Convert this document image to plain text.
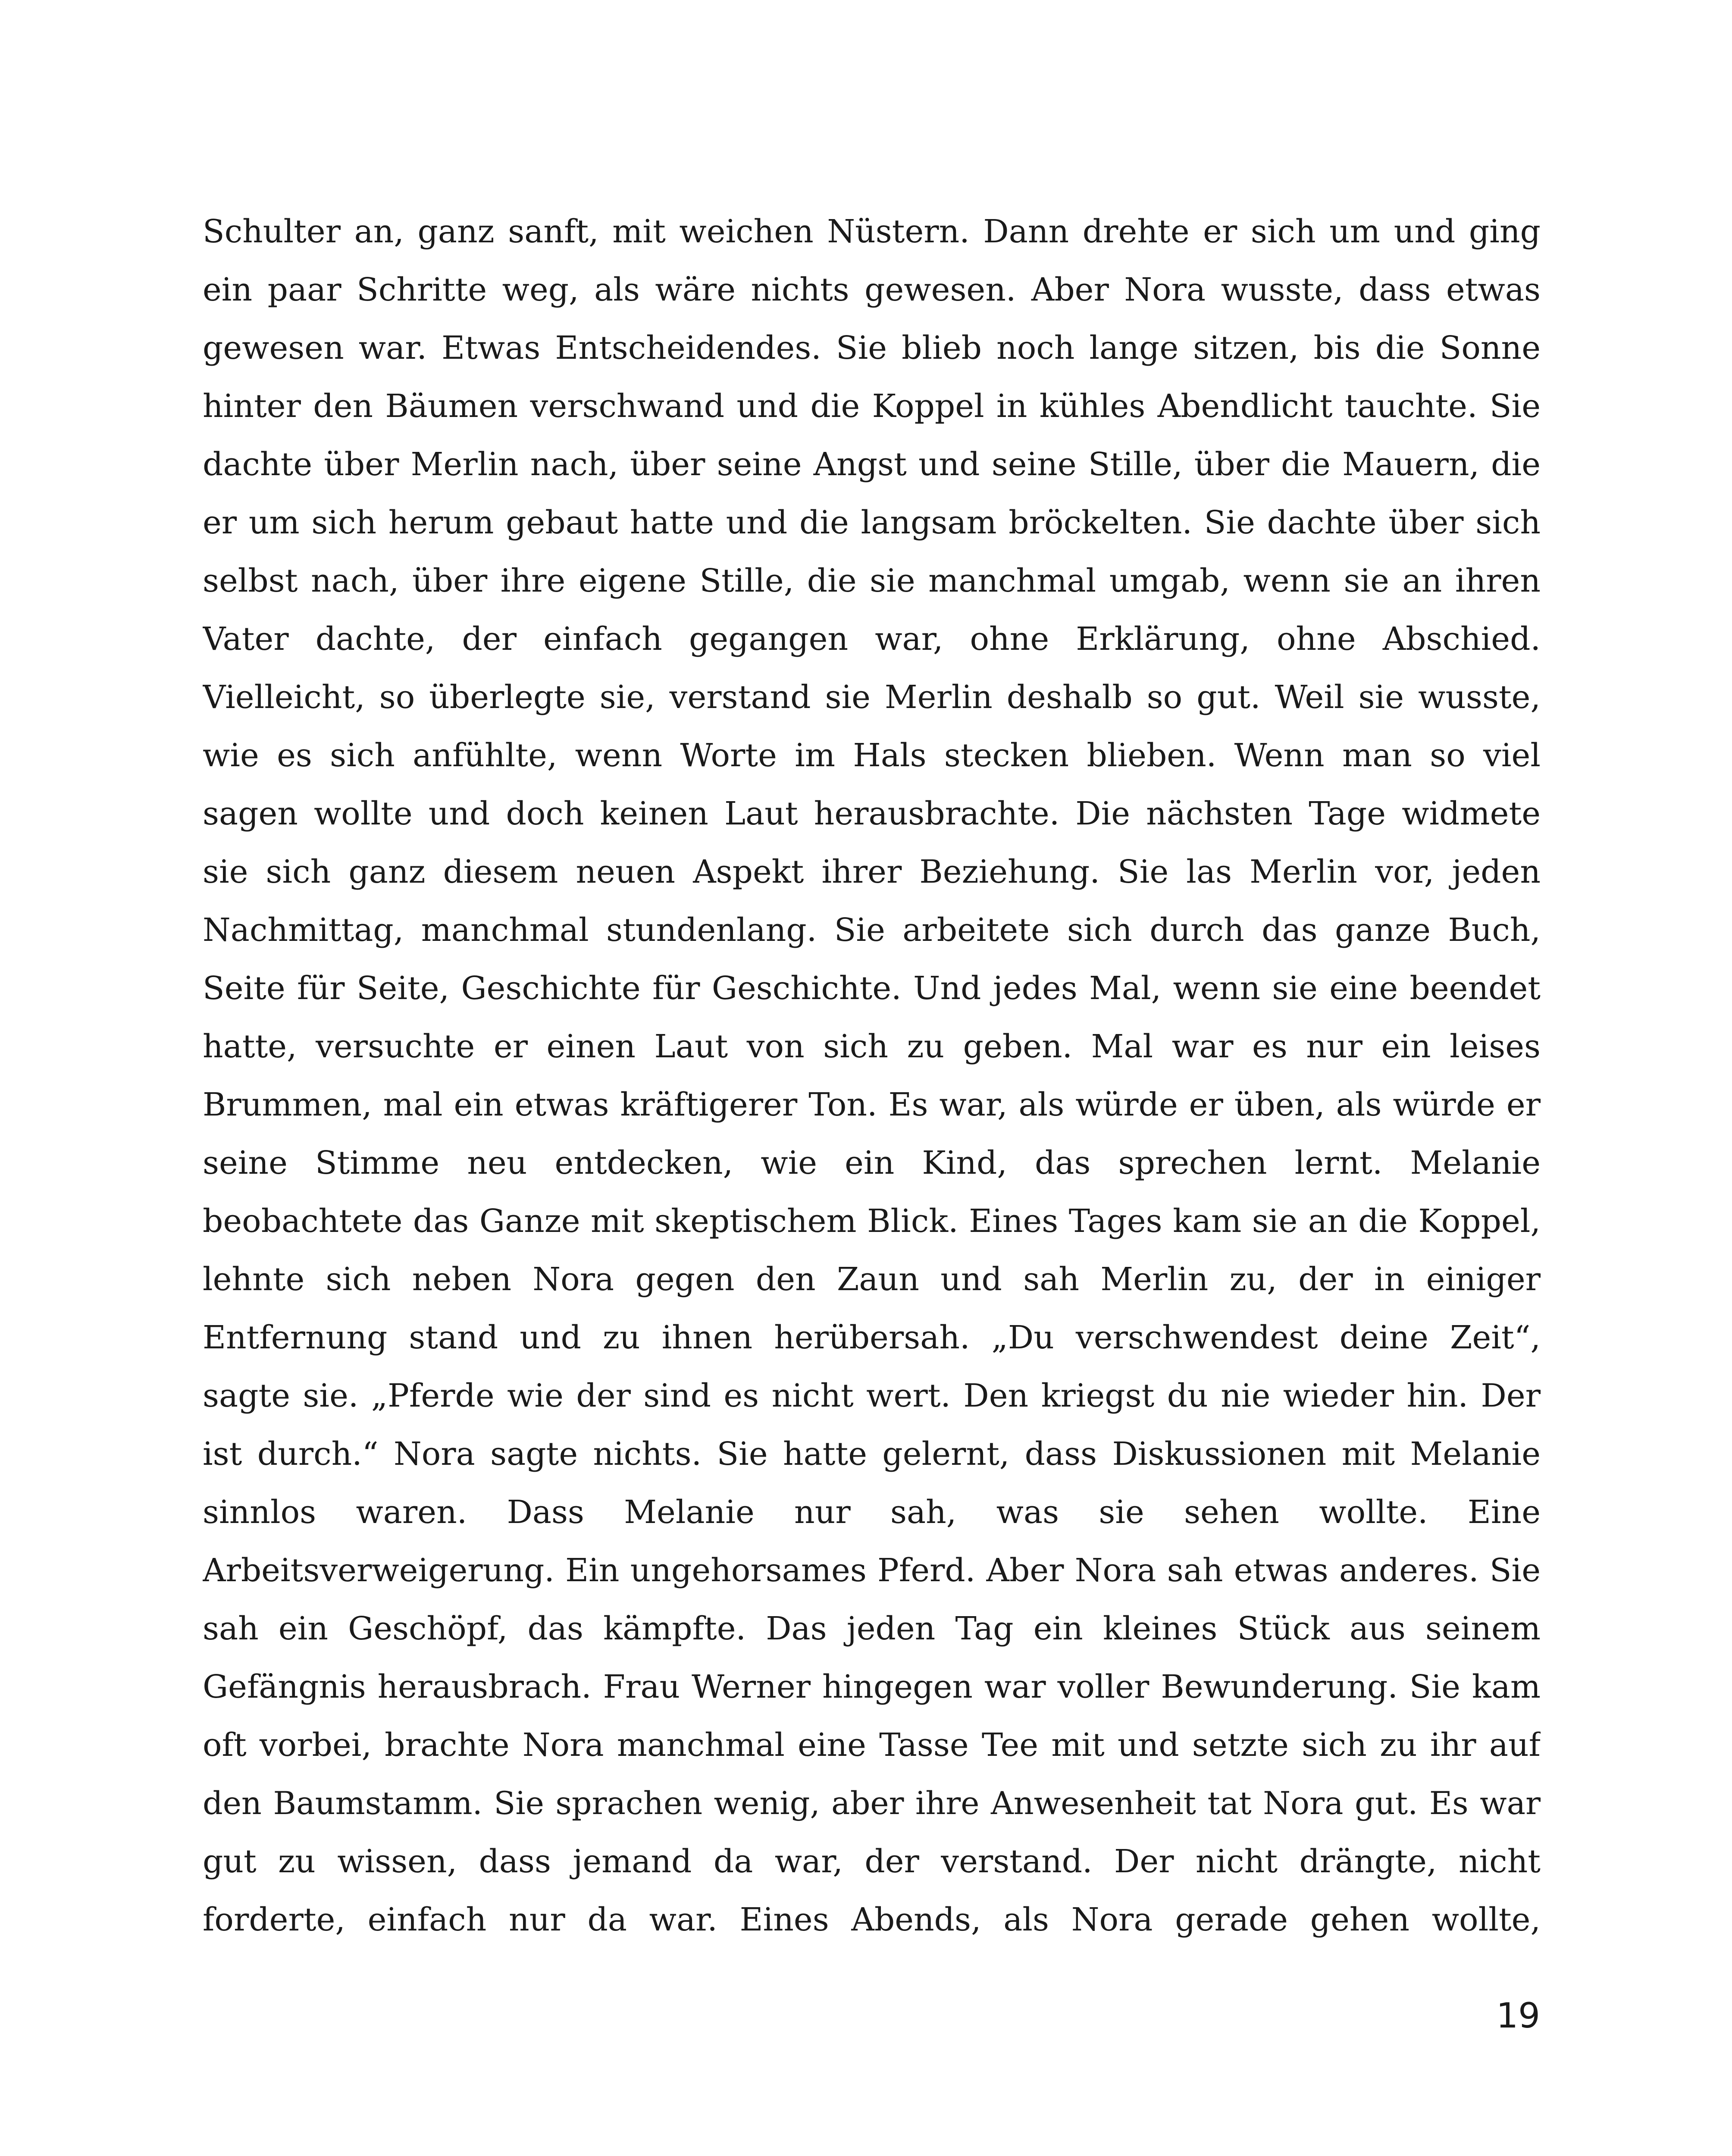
Schulter an, ganz sanft, mit weichen Nüstern. Dann drehte er sich um und ging
ein paar Schritte weg, als wäre nichts gewesen. Aber Nora wusste, dass etwas
gewesen war. Etwas Entscheidendes. Sie blieb noch lange sitzen, bis die Sonne
hinter den Bäumen verschwand und die Koppel in kühles Abendlicht tauchte. Sie
dachte über Merlin nach, über seine Angst und seine Stille, über die Mauern, die
er um sich herum gebaut hatte und die langsam bröckelten. Sie dachte über sich
selbst nach, über ihre eigene Stille, die sie manchmal umgab, wenn sie an ihren
Vater dachte, der einfach gegangen war, ohne Erklärung, ohne Abschied.
Vielleicht, so überlegte sie, verstand sie Merlin deshalb so gut. Weil sie wusste,
wie es sich anfühlte, wenn Worte im Hals stecken blieben. Wenn man so viel
sagen wollte und doch keinen Laut herausbrachte. Die nächsten Tage widmete
sie sich ganz diesem neuen Aspekt ihrer Beziehung. Sie las Merlin vor, jeden
Nachmittag, manchmal stundenlang. Sie arbeitete sich durch das ganze Buch,
Seite für Seite, Geschichte für Geschichte. Und jedes Mal, wenn sie eine beendet
hatte, versuchte er einen Laut von sich zu geben. Mal war es nur ein leises
Brummen, mal ein etwas kräftigerer Ton. Es war, als würde er üben, als würde er
seine Stimme neu entdecken, wie ein Kind, das sprechen lernt. Melanie
beobachtete das Ganze mit skeptischem Blick. Eines Tages kam sie an die Koppel,
lehnte sich neben Nora gegen den Zaun und sah Merlin zu, der in einiger
Entfernung stand und zu ihnen herübersah. „Du verschwendest deine Zeit“,
sagte sie. „Pferde wie der sind es nicht wert. Den kriegst du nie wieder hin. Der
ist durch.“ Nora sagte nichts. Sie hatte gelernt, dass Diskussionen mit Melanie
sinnlos waren. Dass Melanie nur sah, was sie sehen wollte. Eine
Arbeitsverweigerung. Ein ungehorsames Pferd. Aber Nora sah etwas anderes. Sie
sah ein Geschöpf, das kämpfte. Das jeden Tag ein kleines Stück aus seinem
Gefängnis herausbrach. Frau Werner hingegen war voller Bewunderung. Sie kam
oft vorbei, brachte Nora manchmal eine Tasse Tee mit und setzte sich zu ihr auf
den Baumstamm. Sie sprachen wenig, aber ihre Anwesenheit tat Nora gut. Es war
gut zu wissen, dass jemand da war, der verstand. Der nicht drängte, nicht
forderte, einfach nur da war. Eines Abends, als Nora gerade gehen wollte,
19
